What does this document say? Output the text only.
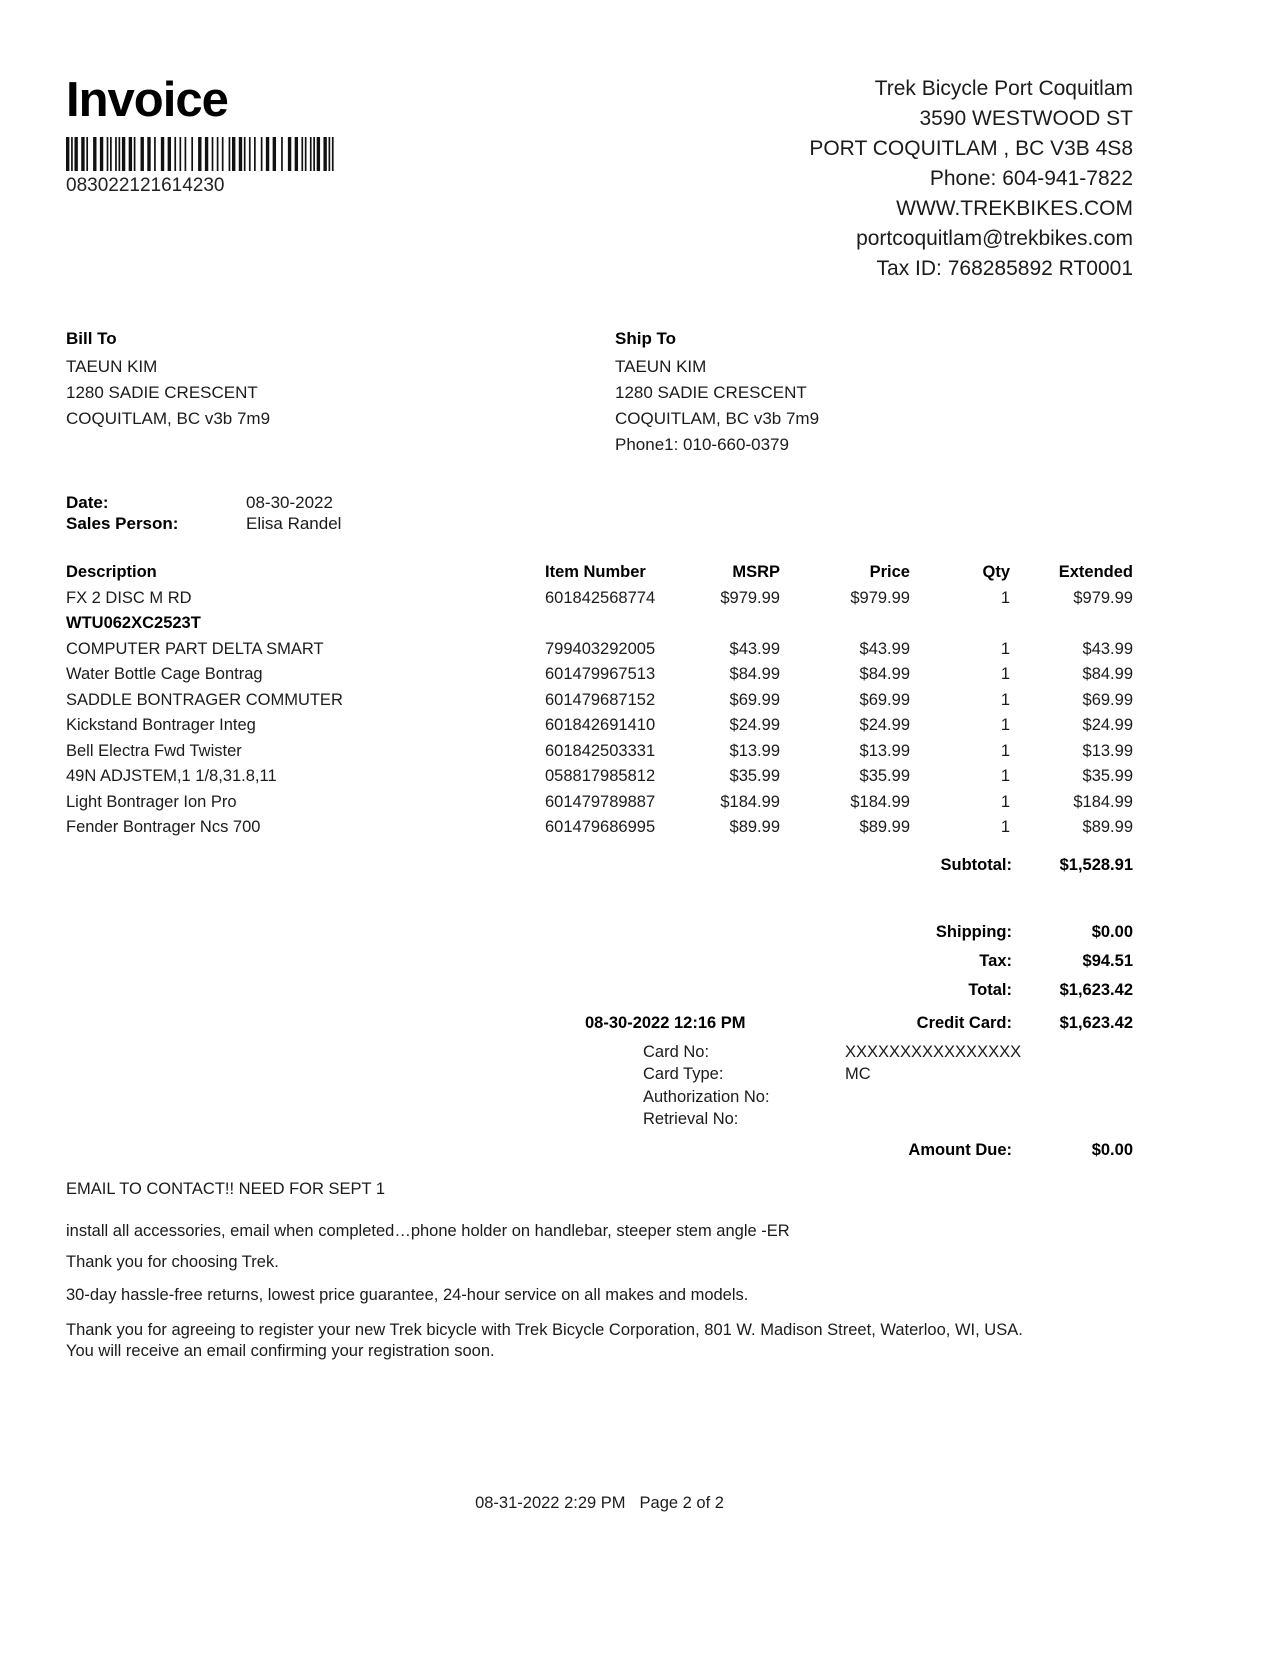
Invoice
083022121614230
Trek Bicycle Port Coquitlam
3590 WESTWOOD ST
PORT COQUITLAM , BC V3B 4S8
Phone: 604-941-7822
WWW.TREKBIKES.COM
portcoquitlam@trekbikes.com
Tax ID: 768285892 RT0001
Bill To
TAEUN KIM
1280 SADIE CRESCENT
COQUITLAM, BC v3b 7m9
Ship To
TAEUN KIM
1280 SADIE CRESCENT
COQUITLAM, BC v3b 7m9
Phone1: 010-660-0379
Date:	08-30-2022
Sales Person:	Elisa Randel
Description	Item Number	MSRP	Price	Qty	Extended
FX 2 DISC M RD	601842568774	$979.99	$979.99	1	$979.99
WTU062XC2523T
COMPUTER PART DELTA SMART	799403292005	$43.99	$43.99	1	$43.99
Water Bottle Cage Bontrag	601479967513	$84.99	$84.99	1	$84.99
SADDLE BONTRAGER COMMUTER	601479687152	$69.99	$69.99	1	$69.99
Kickstand Bontrager Integ	601842691410	$24.99	$24.99	1	$24.99
Bell Electra Fwd Twister	601842503331	$13.99	$13.99	1	$13.99
49N ADJSTEM,1 1/8,31.8,11	058817985812	$35.99	$35.99	1	$35.99
Light Bontrager Ion Pro	601479789887	$184.99	$184.99	1	$184.99
Fender Bontrager Ncs 700	601479686995	$89.99	$89.99	1	$89.99
Subtotal:	$1,528.91
Shipping:	$0.00
Tax:	$94.51
Total:	$1,623.42
08-30-2022 12:16 PM	Credit Card:	$1,623.42
Card No:	XXXXXXXXXXXXXXXX
Card Type:	MC
Authorization No:
Retrieval No:
Amount Due:	$0.00
EMAIL TO CONTACT!! NEED FOR SEPT 1
install all accessories, email when completed…phone holder on handlebar, steeper stem angle -ER
Thank you for choosing Trek.
30-day hassle-free returns, lowest price guarantee, 24-hour service on all makes and models.
Thank you for agreeing to register your new Trek bicycle with Trek Bicycle Corporation, 801 W. Madison Street, Waterloo, WI, USA.
You will receive an email confirming your registration soon.
08-31-2022 2:29 PM Page 2 of 2
